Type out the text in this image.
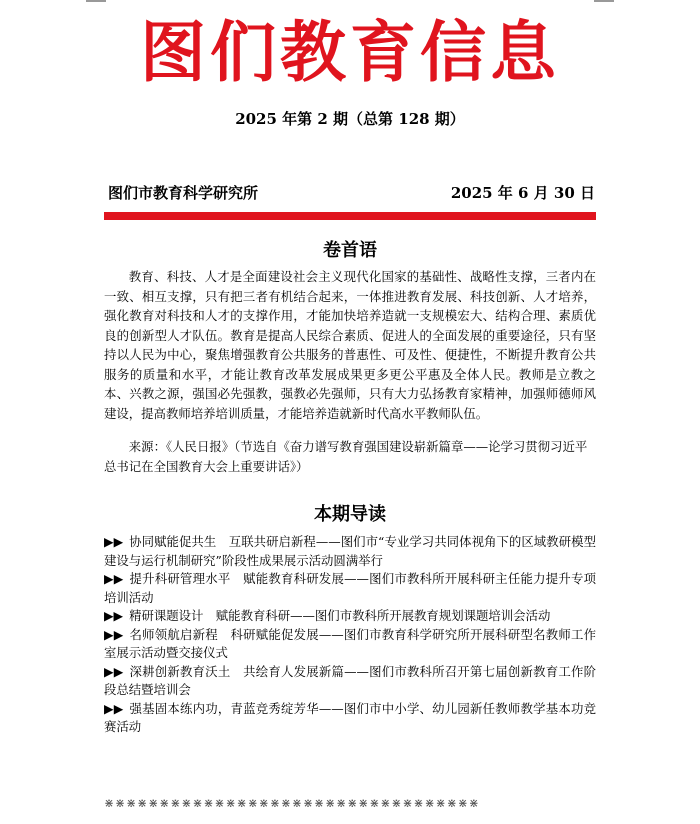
图们教育信息
2025 年第 2 期（总第 128 期）
图们市教育科学研究所	2025 年 6 月 30 日
卷首语
教育、科技、人才是全面建设社会主义现代化国家的基础性、战略性支撑，三者内在一致、相互支撑，只有把三者有机结合起来，一体推进教育发展、科技创新、人才培养，强化教育对科技和人才的支撑作用，才能加快培养造就一支规模宏大、结构合理、素质优良的创新型人才队伍。教育是提高人民综合素质、促进人的全面发展的重要途径，只有坚持以人民为中心，聚焦增强教育公共服务的普惠性、可及性、便捷性，不断提升教育公共服务的质量和水平，才能让教育改革发展成果更多更公平惠及全体人民。教师是立教之本、兴教之源，强国必先强教，强教必先强师，只有大力弘扬教育家精神，加强师德师风建设，提高教师培养培训质量，才能培养造就新时代高水平教师队伍。
来源：《人民日报》（节选自《奋力谱写教育强国建设崭新篇章——论学习贯彻习近平总书记在全国教育大会上重要讲话》）
本期导读
▶▶ 协同赋能促共生　互联共研启新程——图们市“专业学习共同体视角下的区域教研模型建设与运行机制研究”阶段性成果展示活动圆满举行
▶▶ 提升科研管理水平　赋能教育科研发展——图们市教科所开展科研主任能力提升专项培训活动
▶▶ 精研课题设计　赋能教育科研——图们市教科所开展教育规划课题培训会活动
▶▶ 名师领航启新程　科研赋能促发展——图们市教育科学研究所开展科研型名教师工作室展示活动暨交接仪式
▶▶ 深耕创新教育沃土　共绘育人发展新篇——图们市教科所召开第七届创新教育工作阶段总结暨培训会
▶▶ 强基固本练内功，青蓝竞秀绽芳华——图们市中小学、幼儿园新任教师教学基本功竞赛活动
⋇⋇⋇⋇⋇⋇⋇⋇⋇⋇⋇⋇⋇⋇⋇⋇⋇⋇⋇⋇⋇⋇⋇⋇⋇⋇⋇⋇⋇⋇⋇⋇⋇⋇
